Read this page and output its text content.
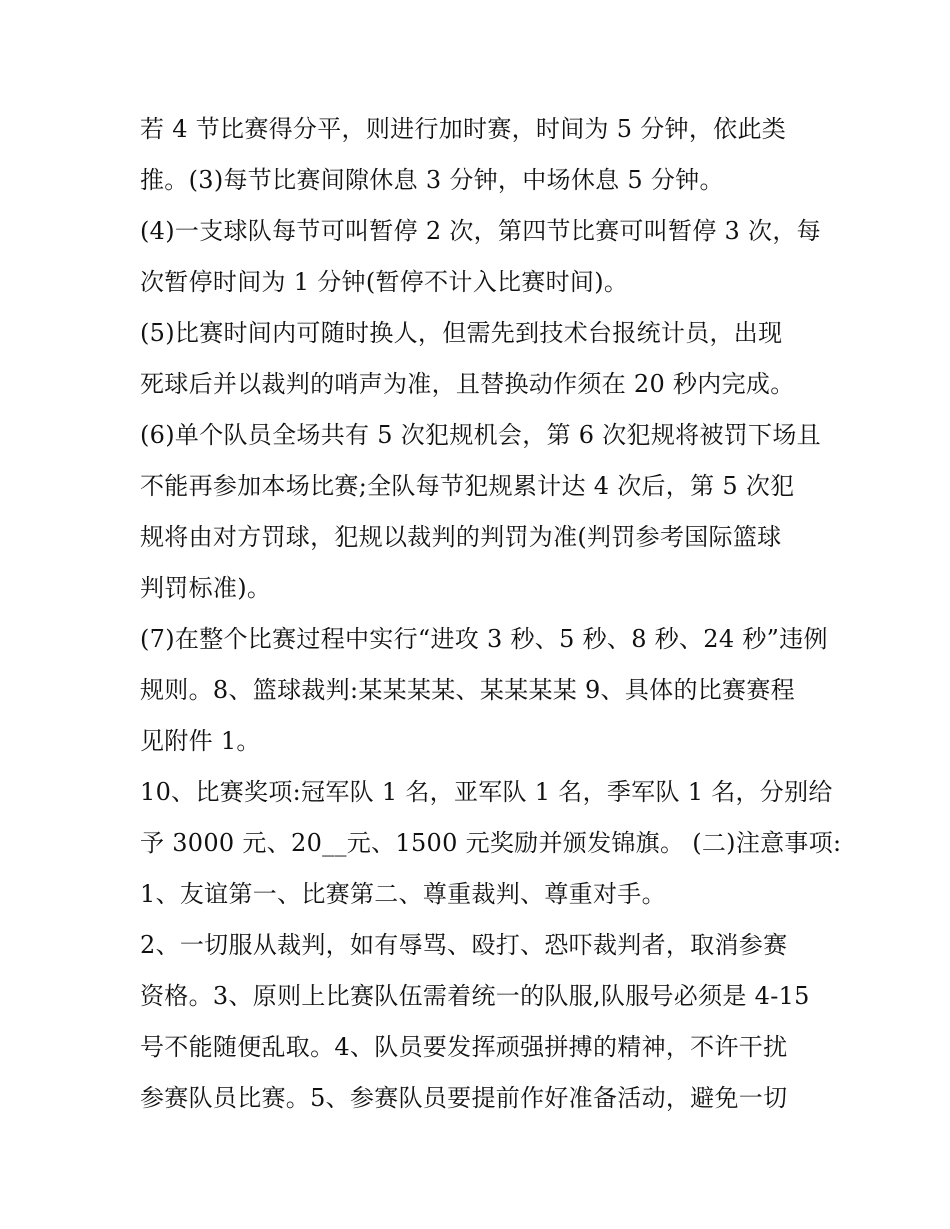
若 4 节比赛得分平，则进行加时赛，时间为 5 分钟，依此类
推。(3)每节比赛间隙休息 3 分钟，中场休息 5 分钟。
(4)一支球队每节可叫暂停 2 次，第四节比赛可叫暂停 3 次，每
次暂停时间为 1 分钟(暂停不计入比赛时间)。
(5)比赛时间内可随时换人，但需先到技术台报统计员，出现
死球后并以裁判的哨声为准，且替换动作须在 20 秒内完成。
(6)单个队员全场共有 5 次犯规机会，第 6 次犯规将被罚下场且
不能再参加本场比赛;全队每节犯规累计达 4 次后，第 5 次犯
规将由对方罚球，犯规以裁判的判罚为准(判罚参考国际篮球
判罚标准)。
(7)在整个比赛过程中实行“进攻 3 秒、5 秒、8 秒、24 秒”违例
规则。8、篮球裁判:某某某某、某某某某 9、具体的比赛赛程
见附件 1。
10、比赛奖项:冠军队 1 名，亚军队 1 名，季军队 1 名，分别给
予 3000 元、20__元、1500 元奖励并颁发锦旗。 (二)注意事项:
1、友谊第一、比赛第二、尊重裁判、尊重对手。
2、一切服从裁判，如有辱骂、殴打、恐吓裁判者，取消参赛
资格。3、原则上比赛队伍需着统一的队服,队服号必须是 4-15
号不能随便乱取。4、队员要发挥顽强拼搏的精神，不许干扰
参赛队员比赛。5、参赛队员要提前作好准备活动，避免一切
